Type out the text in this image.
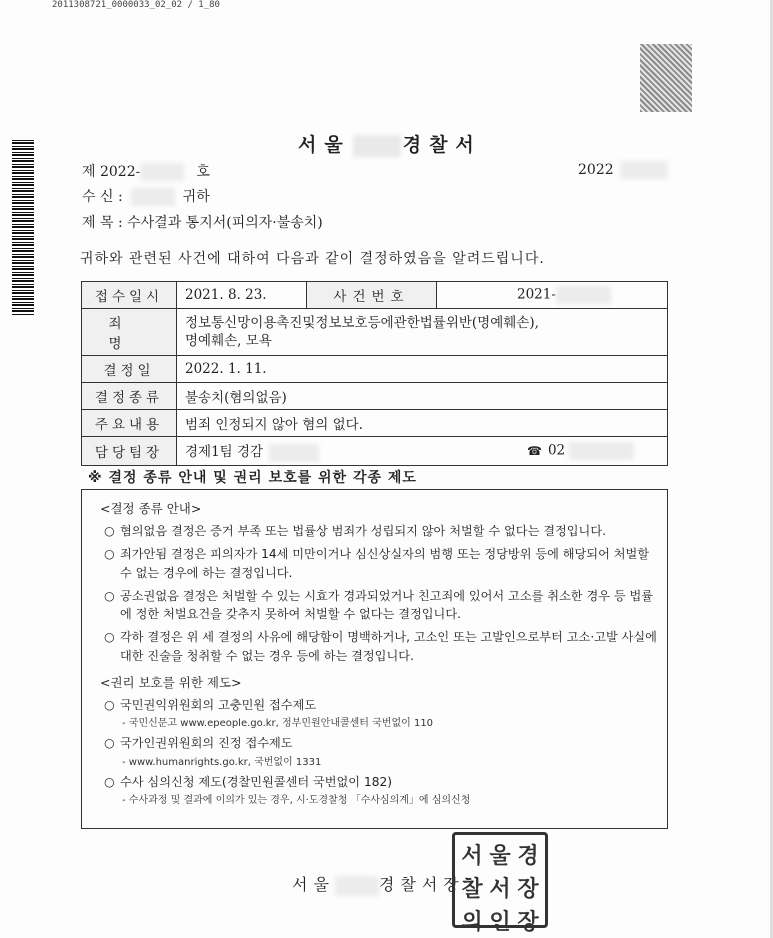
2011308721_0000033_02_02 / 1_80
서울	경찰서
제 2022-	호	2022
수 신 :	귀하
제 목 : 수사결과 통지서(피의자·불송치)
귀하와 관련된 사건에 대하여 다음과 같이 결정하였음을 알려드립니다.
접수일시	2021. 8. 23.	사건번호	2021-
죄 명	정보통신망이용촉진및정보보호등에관한법률위반(명예훼손),
명예훼손, 모욕		

결정일	2022. 1. 11.		
결정종류	불송치(혐의없음)		
주요내용	범죄 인정되지 않아 혐의 없다.		
담당팀장	경제1팀 경감 ☎ 02		
※ 결정 종류 안내 및 권리 보호를 위한 각종 제도
<결정 종류 안내>
○ 혐의없음 결정은 증거 부족 또는 법률상 범죄가 성립되지 않아 처벌할 수 없다는 결정입니다.
○ 죄가안됨 결정은 피의자가 14세 미만이거나 심신상실자의 범행 또는 정당방위 등에 해당되어 처벌할 수 없는 경우에 하는 결정입니다.
○ 공소권없음 결정은 처벌할 수 있는 시효가 경과되었거나 친고죄에 있어서 고소를 취소한 경우 등 법률에 정한 처벌요건을 갖추지 못하여 처벌할 수 없다는 결정입니다.
○ 각하 결정은 위 세 결정의 사유에 해당함이 명백하거나, 고소인 또는 고발인으로부터 고소·고발 사실에 대한 진술을 청취할 수 없는 경우 등에 하는 결정입니다.
<권리 보호를 위한 제도>
○ 국민권익위원회의 고충민원 접수제도
- 국민신문고 www.epeople.go.kr, 정부민원안내콜센터 국번없이 110
○ 국가인권위원회의 진정 접수제도
- www.humanrights.go.kr, 국번없이 1331
○ 수사 심의신청 제도(경찰민원콜센터 국번없이 182)
- 수사과정 및 결과에 이의가 있는 경우, 시·도경찰청 「수사심의계」에 심의신청
서울	경찰서장
서 울 경
찰 서 장
의 인 장
